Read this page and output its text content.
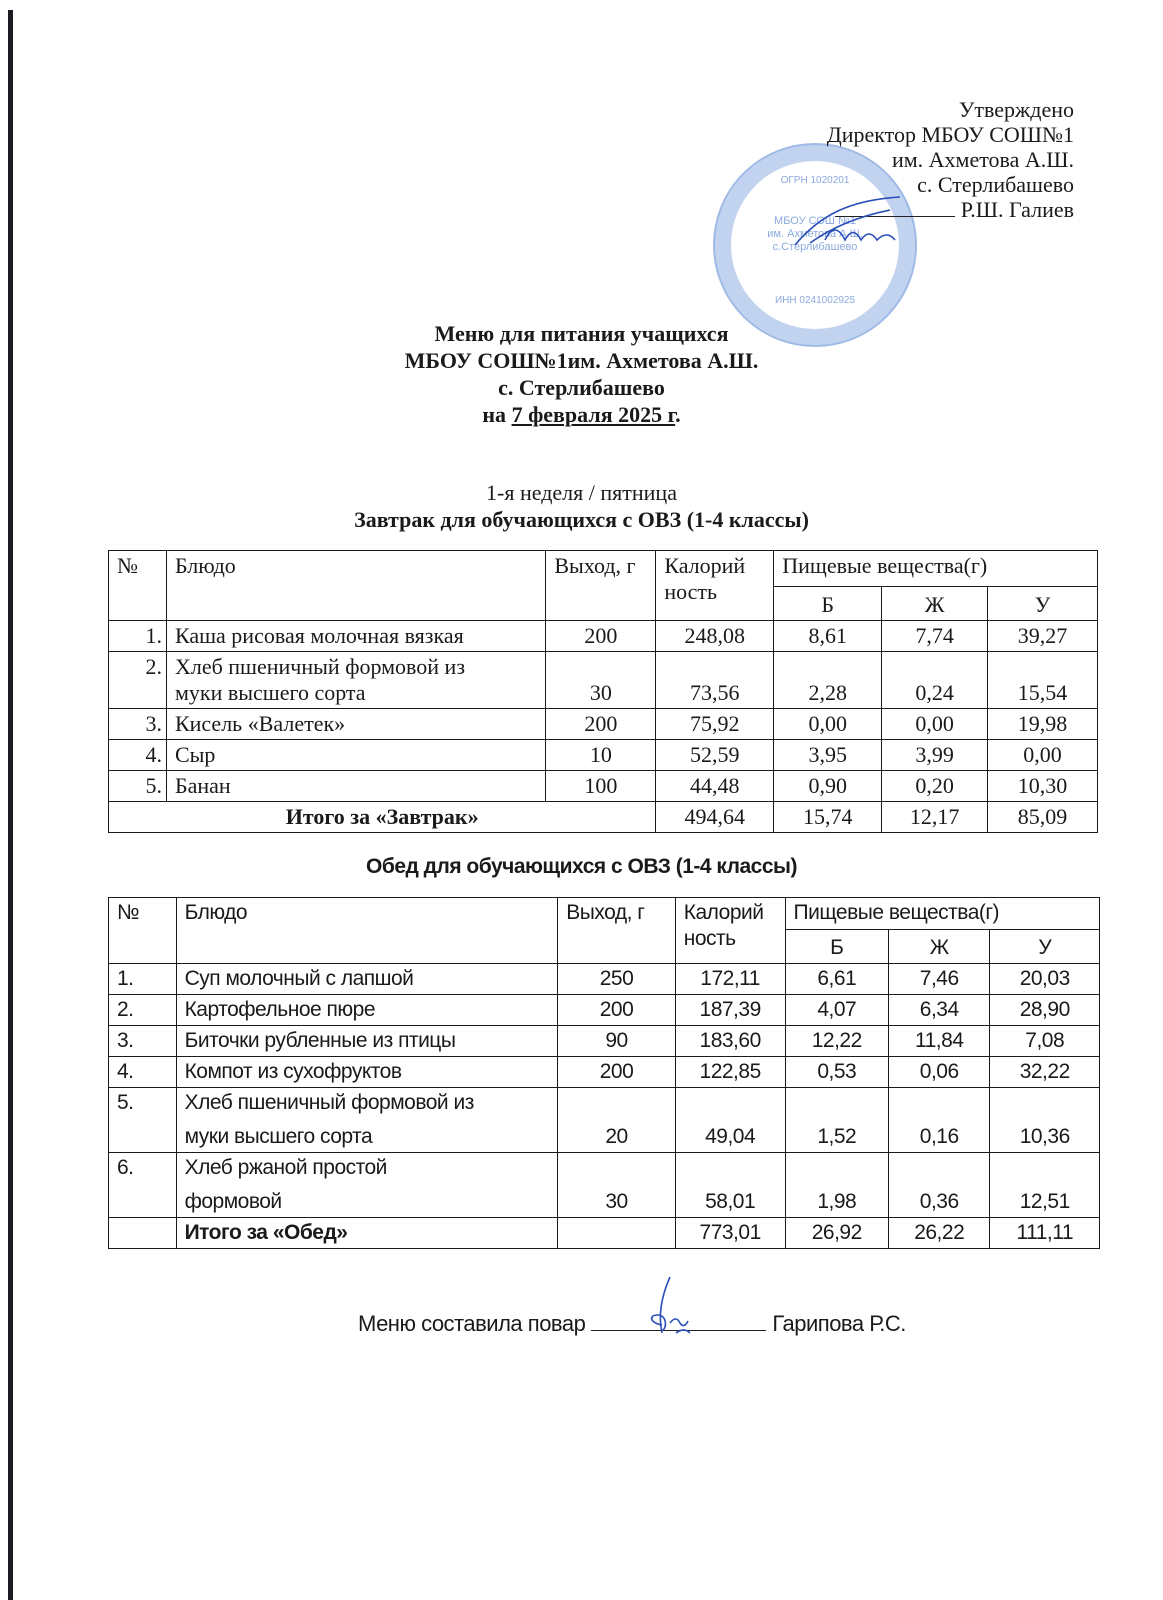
ОГРН 1020201
МБОУ СОШ №1
им. Ахметова А.Ш.
с.Стерлибашево
ИНН 0241002925
Утверждено
Директор МБОУ СОШ№1
им. Ахметова А.Ш.
с. Стерлибашево
Р.Ш. Галиев
Меню для питания учащихся
МБОУ СОШ№1им. Ахметова А.Ш.
с. Стерлибашево
на 7 февраля 2025 г.
1-я неделя / пятница
Завтрак для обучающихся с ОВЗ (1-4 классы)
№	Блюдо	Выход, г	Калорий
ность	Пищевые вещества(г)		
				Б	Ж	У
1.	Каша рисовая молочная вязкая	200	248,08	8,61	7,74	39,27
2.	Хлеб пшеничный формовой из
муки высшего сорта	30	73,56	2,28	0,24	15,54
3.	Кисель «Валетек»	200	75,92	0,00	0,00	19,98
4.	Сыр	10	52,59	3,95	3,99	0,00
5.	Банан	100	44,48	0,90	0,20	10,30
Итого за «Завтрак»			494,64	15,74	12,17	85,09
Обед для обучающихся с ОВЗ (1-4 классы)
№	Блюдо	Выход, г	Калорий
ность	Пищевые вещества(г)		
				Б	Ж	У
1.	Суп молочный с лапшой	250	172,11	6,61	7,46	20,03
2.	Картофельное пюре	200	187,39	4,07	6,34	28,90
3.	Биточки рубленные из птицы	90	183,60	12,22	11,84	7,08
4.	Компот из сухофруктов	200	122,85	0,53	0,06	32,22
5.	Хлеб пшеничный формовой из
муки высшего сорта	20	49,04	1,52	0,16	10,36
6.	Хлеб ржаной простой
формовой	30	58,01	1,98	0,36	12,51
	Итого за «Обед»		773,01	26,92	26,22	111,11
Меню составила повар	Гарипова Р.С.
